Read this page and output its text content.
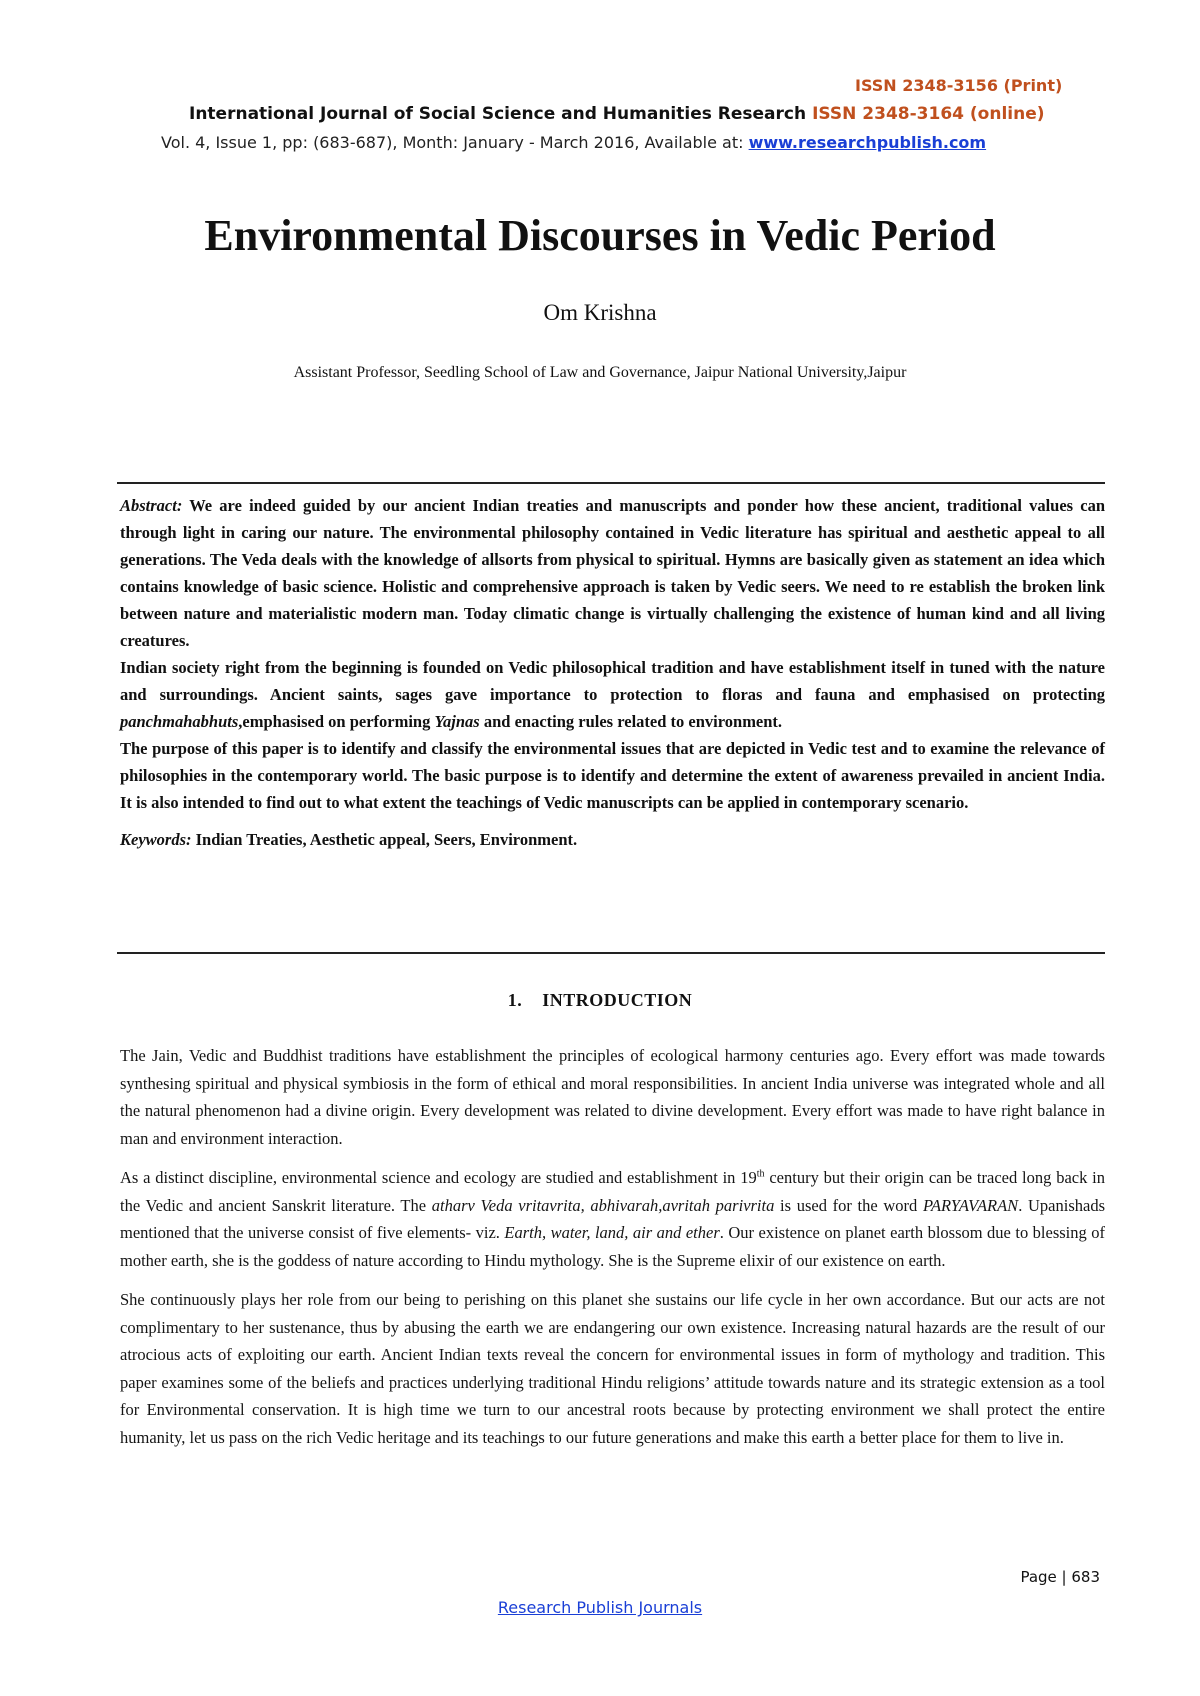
ISSN 2348-3156 (Print)
International Journal of Social Science and Humanities Research ISSN 2348-3164 (online)
Vol. 4, Issue 1, pp: (683-687), Month: January - March 2016, Available at: www.researchpublish.com
Environmental Discourses in Vedic Period
Om Krishna
Assistant Professor, Seedling School of Law and Governance, Jaipur National University,Jaipur

Abstract: We are indeed guided by our ancient Indian treaties and manuscripts and ponder how these ancient, traditional values can through light in caring our nature. The environmental philosophy contained in Vedic literature has spiritual and aesthetic appeal to all generations. The Veda deals with the knowledge of allsorts from physical to spiritual. Hymns are basically given as statement an idea which contains knowledge of basic science. Holistic and comprehensive approach is taken by Vedic seers. We need to re establish the broken link between nature and materialistic modern man. Today climatic change is virtually challenging the existence of human kind and all living creatures.

Indian society right from the beginning is founded on Vedic philosophical tradition and have establishment itself in tuned with the nature and surroundings. Ancient saints, sages gave importance to protection to floras and fauna and emphasised on protecting panchmahabhuts,emphasised on performing Yajnas and enacting rules related to environment.

The purpose of this paper is to identify and classify the environmental issues that are depicted in Vedic test and to examine the relevance of philosophies in the contemporary world. The basic purpose is to identify and determine the extent of awareness prevailed in ancient India. It is also intended to find out to what extent the teachings of Vedic manuscripts can be applied in contemporary scenario.

Keywords: Indian Treaties, Aesthetic appeal, Seers, Environment.

1.    INTRODUCTION

The Jain, Vedic and Buddhist traditions have establishment the principles of ecological harmony centuries ago. Every effort was made towards synthesing spiritual and physical symbiosis in the form of ethical and moral responsibilities. In ancient India universe was integrated whole and all the natural phenomenon had a divine origin. Every development was related to divine development. Every effort was made to have right balance in man and environment interaction.

As a distinct discipline, environmental science and ecology are studied and establishment in 19th century but their origin can be traced long back in the Vedic and ancient Sanskrit literature. The atharv Veda vritavrita, abhivarah,avritah parivrita is used for the word PARYAVARAN. Upanishads mentioned that the universe consist of five elements- viz. Earth, water, land, air and ether. Our existence on planet earth blossom due to blessing of mother earth, she is the goddess of nature according to Hindu mythology. She is the Supreme elixir of our existence on earth.

She continuously plays her role from our being to perishing on this planet she sustains our life cycle in her own accordance. But our acts are not complimentary to her sustenance, thus by abusing the earth we are endangering our own existence. Increasing natural hazards are the result of our atrocious acts of exploiting our earth. Ancient Indian texts reveal the concern for environmental issues in form of mythology and tradition. This paper examines some of the beliefs and practices underlying traditional Hindu religions’ attitude towards nature and its strategic extension as a tool for Environmental conservation. It is high time we turn to our ancestral roots because by protecting environment we shall protect the entire humanity, let us pass on the rich Vedic heritage and its teachings to our future generations and make this earth a better place for them to live in.

Page | 683
Research Publish Journals
